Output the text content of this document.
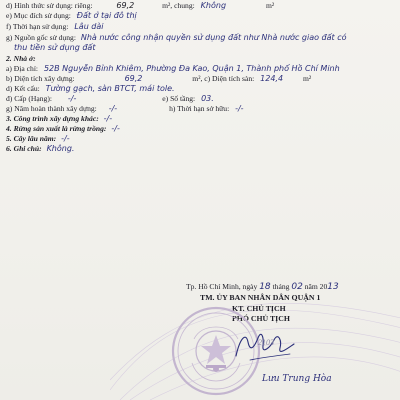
d) Hình thức sử dụng: riêng:	69,2	m², chung: Không	m²
e) Mục đích sử dụng: Đất ở tại đô thị
f) Thời hạn sử dụng: Lâu dài
g) Nguồn gốc sử dụng: Nhà nước công nhận quyền sử dụng đất như Nhà nước giao đất có
thu tiền sử dụng đất
2. Nhà ở:
a) Địa chỉ: 52B Nguyễn Bỉnh Khiêm, Phường Đa Kao, Quận 1, Thành phố Hồ Chí Minh
b) Diện tích xây dựng:	69,2	m², c) Diện tích sàn: 124,4	m²
d) Kết cấu: Tường gạch, sàn BTCT, mái tole.
đ) Cấp (Hạng): -/-	e) Số tầng: 03.
g) Năm hoàn thành xây dựng: -/-	h) Thời hạn sở hữu: -/-
3. Công trình xây dựng khác: -/-
4. Rừng sản xuất là rừng trồng: -/-
5. Cây lâu năm: -/-
6. Ghi chú: Không.
Tp. Hồ Chí Minh, ngày 18 tháng 02 năm 2013
TM. ỦY BAN NHÂN DÂN QUẬN 1
KT. CHỦ TỊCH
PHÓ CHỦ TỊCH
2103
Lưu Trung Hòa
